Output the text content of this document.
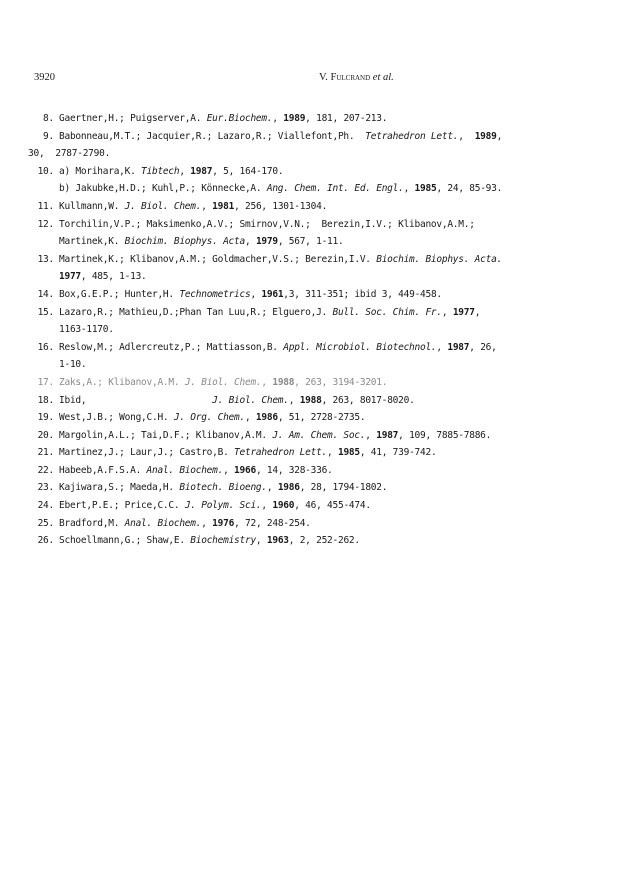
3920	V. Fulcrand et al.

8.

Gaertner,H.; Puigserver,A. Eur.Biochem., 1989, 181, 207-213.

9.

Babonneau,M.T.; Jacquier,R.; Lazaro,R.; Viallefont,Ph.  Tetrahedron Lett.,  1989,

30,  2787-2790.

10.

a) Morihara,K. Tibtech, 1987, 5, 164-170.

b) Jakubke,H.D.; Kuhl,P.; Könnecke,A. Ang. Chem. Int. Ed. Engl., 1985, 24, 85-93.

11.

Kullmann,W. J. Biol. Chem., 1981, 256, 1301-1304.

12.

Torchilin,V.P.; Maksimenko,A.V.; Smirnov,V.N.;  Berezin,I.V.; Klibanov,A.M.;

Martinek,K. Biochim. Biophys. Acta, 1979, 567, 1-11.

13.

Martinek,K.; Klibanov,A.M.; Goldmacher,V.S.; Berezin,I.V. Biochim. Biophys. Acta.

1977, 485, 1-13.

14.

Box,G.E.P.; Hunter,H. Technometrics, 1961,3, 311-351; ibid 3, 449-458.

15.

Lazaro,R.; Mathieu,D.;Phan Tan Luu,R.; Elguero,J. Bull. Soc. Chim. Fr., 1977,

1163-1170.

16.

Reslow,M.; Adlercreutz,P.; Mattiasson,B. Appl. Microbiol. Biotechnol., 1987, 26,

1-10.

17.

Zaks,A.; Klibanov,A.M. J. Biol. Chem., 1988, 263, 3194-3201.

18.

Ibid,                       J. Biol. Chem., 1988, 263, 8017-8020.

19.

West,J.B.; Wong,C.H. J. Org. Chem., 1986, 51, 2728-2735.

20.

Margolin,A.L.; Tai,D.F.; Klibanov,A.M. J. Am. Chem. Soc., 1987, 109, 7885-7886.

21.

Martinez,J.; Laur,J.; Castro,B. Tetrahedron Lett., 1985, 41, 739-742.

22.

Habeeb,A.F.S.A. Anal. Biochem., 1966, 14, 328-336.

23.

Kajiwara,S.; Maeda,H. Biotech. Bioeng., 1986, 28, 1794-1802.

24.

Ebert,P.E.; Price,C.C. J. Polym. Sci., 1960, 46, 455-474.

25.

Bradford,M. Anal. Biochem., 1976, 72, 248-254.

26.

Schoellmann,G.; Shaw,E. Biochemistry, 1963, 2, 252-262.
